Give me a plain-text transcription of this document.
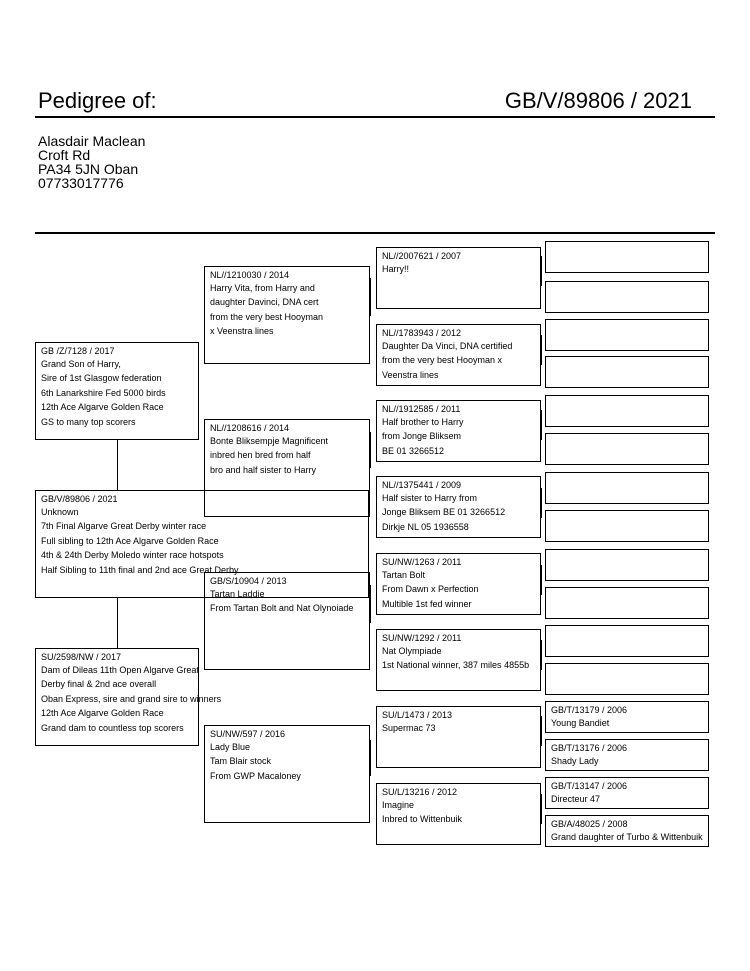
Pedigree of:	GB/V/89806 / 2021
Alasdair Maclean
Croft Rd
PA34 5JN Oban
07733017776
GB/V/89806 / 2021
Unknown
7th Final Algarve Great Derby winter race
Full sibling to 12th Ace Algarve Golden Race
4th & 24th Derby Moledo winter race hotspots
Half Sibling to 11th final and 2nd ace Great Derby
GB /Z/7128 / 2017
Grand Son of Harry,
Sire of 1st Glasgow federation
6th Lanarkshire Fed 5000 birds
12th Ace Algarve Golden Race
GS to many top scorers
SU/2598/NW / 2017
Dam of Dileas 11th Open Algarve Great
Derby final & 2nd ace overall
Oban Express, sire and grand sire to winners
12th Ace Algarve Golden Race
Grand dam to countless top scorers
NL//1210030 / 2014
Harry Vita, from Harry and
daughter Davinci, DNA cert
from the very best Hooyman
x Veenstra lines
NL//1208616 / 2014
Bonte Bliksempje Magnificent
inbred hen bred from half
bro and half sister to Harry
GB/S/10904 / 2013
Tartan Laddie
From Tartan Bolt and Nat Olynoiade
SU/NW/597 / 2016
Lady Blue
Tam Blair stock
From GWP Macaloney
NL//2007621 / 2007
Harry!!
NL//1783943 / 2012
Daughter Da Vinci, DNA certified
from the very best Hooyman x
Veenstra lines
NL//1912585 / 2011
Half brother to Harry
from Jonge Bliksem
BE 01 3266512
NL//1375441 / 2009
Half sister to Harry from
Jonge Bliksem BE 01 3266512
Dirkje NL 05 1936558
SU/NW/1263 / 2011
Tartan Bolt
From Dawn x Perfection
Multible 1st fed winner
SU/NW/1292 / 2011
Nat Olympiade
1st National winner, 387 miles 4855b
SU/L/1473 / 2013
Supermac 73
SU/L/13216 / 2012
Imagine
Inbred to Wittenbuik
GB/T/13179 / 2006
Young Bandiet
GB/T/13176 / 2006
Shady Lady
GB/T/13147 / 2006
Directeur 47
GB/A/48025 / 2008
Grand daughter of Turbo & Wittenbuik
